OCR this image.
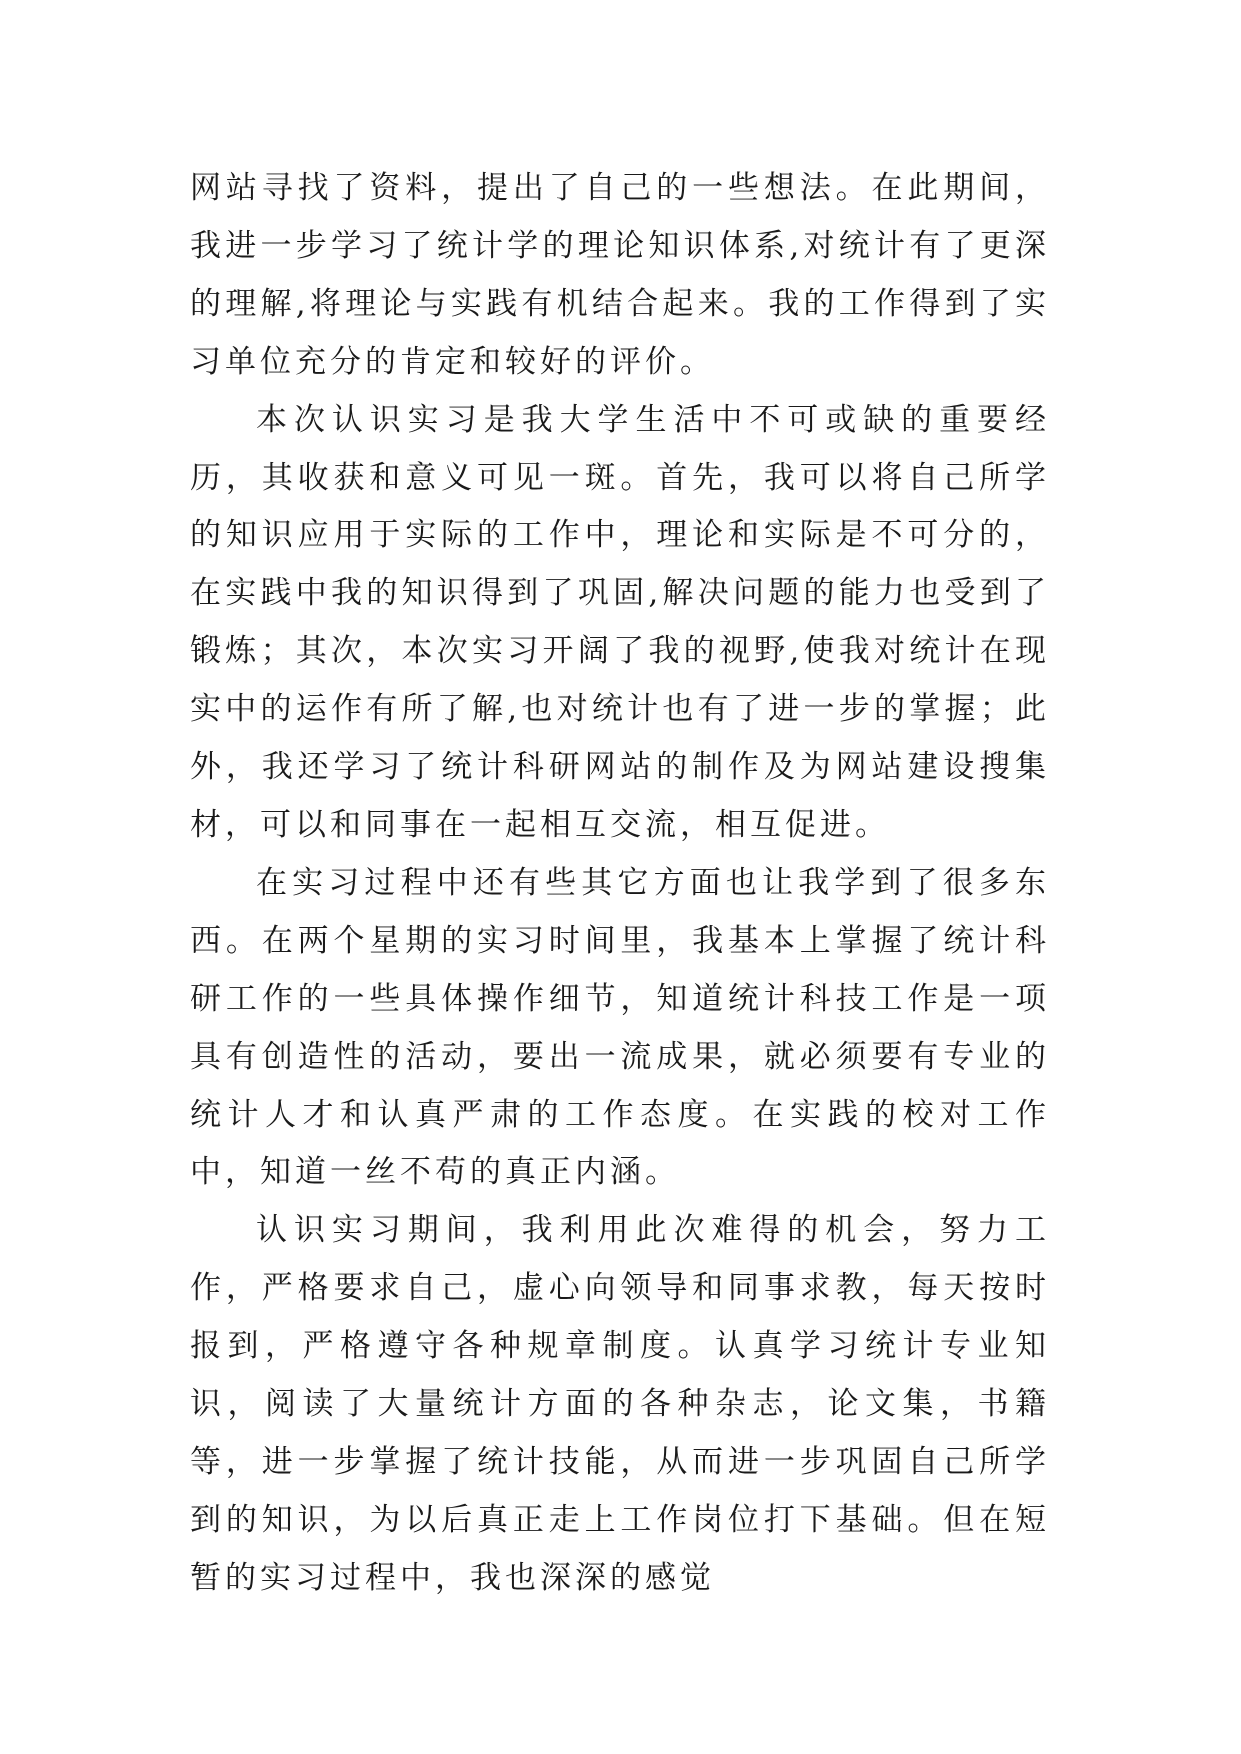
网站寻找了资料，提出了自己的一些想法。在此期间，我进一步学习了统计学的理论知识体系,对统计有了更深的理解,将理论与实践有机结合起来。我的工作得到了实习单位充分的肯定和较好的评价。

本次认识实习是我大学生活中不可或缺的重要经历，其收获和意义可见一斑。首先，我可以将自己所学的知识应用于实际的工作中，理论和实际是不可分的，在实践中我的知识得到了巩固,解决问题的能力也受到了锻炼；其次，本次实习开阔了我的视野,使我对统计在现实中的运作有所了解,也对统计也有了进一步的掌握；此外，我还学习了统计科研网站的制作及为网站建设搜集材，可以和同事在一起相互交流，相互促进。

在实习过程中还有些其它方面也让我学到了很多东西。在两个星期的实习时间里，我基本上掌握了统计科研工作的一些具体操作细节，知道统计科技工作是一项具有创造性的活动，要出一流成果，就必须要有专业的统计人才和认真严肃的工作态度。在实践的校对工作中，知道一丝不苟的真正内涵。

认识实习期间，我利用此次难得的机会，努力工作，严格要求自己，虚心向领导和同事求教，每天按时报到，严格遵守各种规章制度。认真学习统计专业知识，阅读了大量统计方面的各种杂志，论文集，书籍等，进一步掌握了统计技能，从而进一步巩固自己所学到的知识，为以后真正走上工作岗位打下基础。但在短暂的实习过程中，我也深深的感觉
